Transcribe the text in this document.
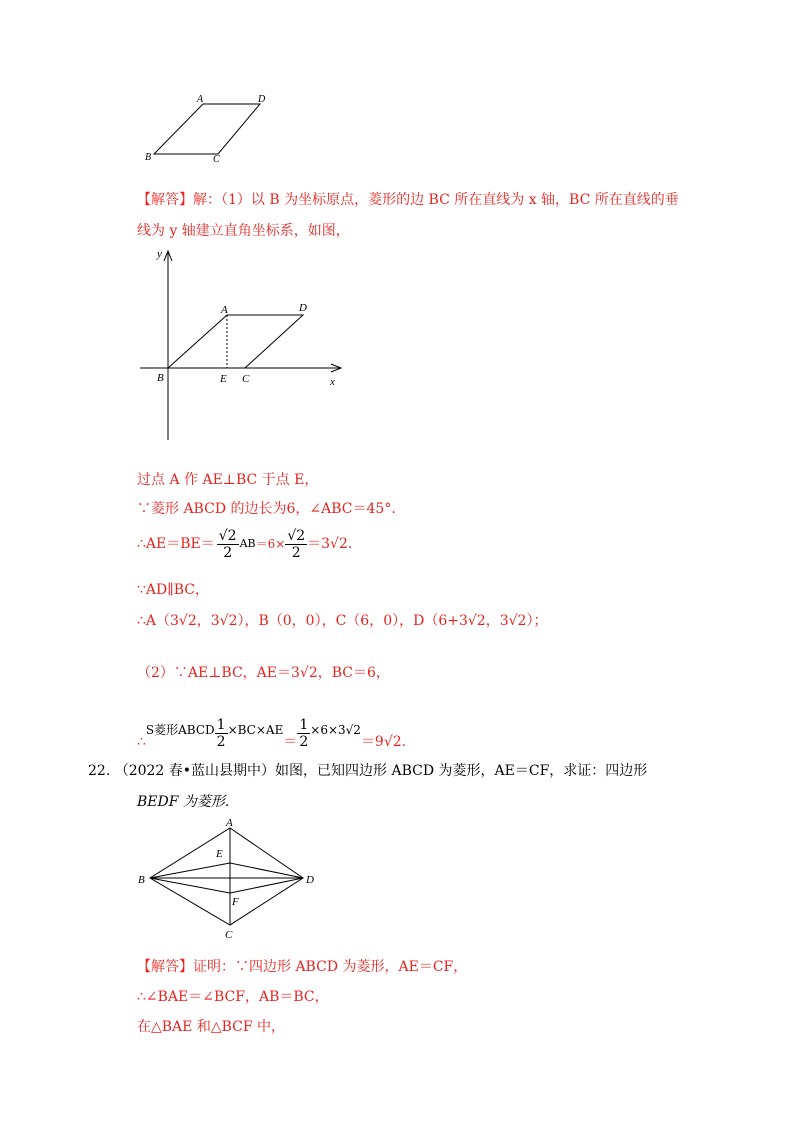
A	D
B	C
【解答】解：（1）以 B 为坐标原点，菱形的边 BC 所在直线为 x 轴，BC 所在直线的垂
线为 y 轴建立直角坐标系，如图，
y
x
A	D
B	E C
过点 A 作 AE⊥BC 于点 E，
∵菱形 ABCD 的边长为6，∠ABC＝45°.
∴AE＝BE＝ $\frac{√2}{2}$ AB $=6\times \frac{√2}{2} =3√2$.
∵AD∥BC，
∴A（3√2，3√2），B（0，0），C（6，0），D（6+3√2，3√2）；
（2）∵AE⊥BC，AE＝3√2，BC＝6，
∴
S菱形ABCD $\frac{1}{2} \times BC\times AE$
＝ $\frac{1}{2} \times 6\times 3√2$
＝9√2.
22. （2022 春•蓝山县期中）如图，已知四边形 ABCD 为菱形，AE＝CF，求证：四边形
BEDF 为菱形.
A
E
B	D
F
C
【解答】证明：∵四边形 ABCD 为菱形，AE＝CF，
∴∠BAE＝∠BCF，AB＝BC，
在△BAE 和△BCF 中，
